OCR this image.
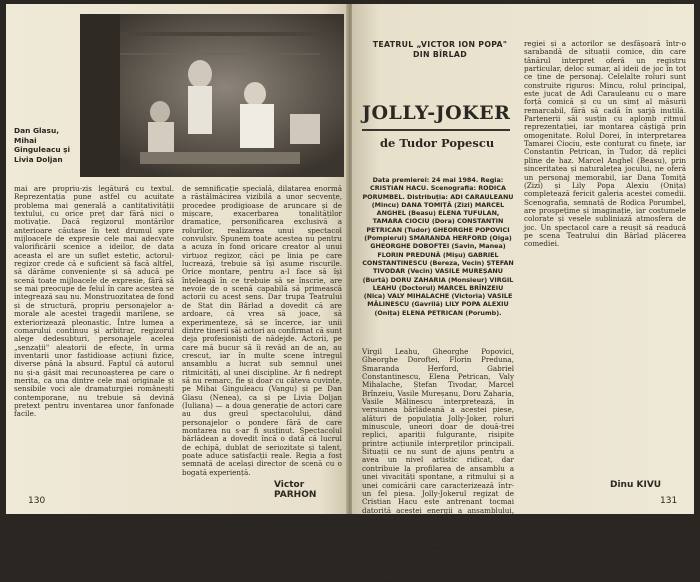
Dan Glasu, Mihai Ginguleacu și Livia Doljan
mai are propriu-zis legătură cu textul. Reprezentația pune astfel cu acuitate problema mai generală a cantitativității textului, cu orice preț dar fără nici o motivație. Dacă regizorul montărilor anterioare căutase în text drumul spre mijloacele de expresie cele mai adecvate valorificării scenice a ideilor, de data aceasta el are un suflet estetic, actorul-regizor crede că e suficient să facă altfel, să dărâme conveniențe și să aducă pe scenă toate mijloacele de expresie, fără să se mai preocupe de felul în care acestea se integrează sau nu. Monstruozitatea de fond și de structură, propriu personajelor a-morale ale acestei tragedii marilene, se exteriorizează pleonastic. Între lumea a comarului continuu și arbitrar, regizorul alege dedesubturi, personajele acelea „senzații" aleatorii de efecte, în urma inventarii unor fastidioase acțiuni fizice, diverse până la absurd. Faptul că autorul nu și-a găsit mai recunoașterea pe care o merita, ca una dintre cele mai originale și sensibile voci ale dramaturgiei românești contemporane, nu trebuie să devină pretext pentru inventarea unor fanfonade facile.
de semnificație specială, dilatarea enormă a răstălmăcirea vizibilă a unor secvențe, procedee prodigioase de aruncare și de mișcare, exacerbarea tonalităților dramatice, personificarea exclusivă a rolurilor, realizarea unui spectacol convulsiv. Spunem toate acestea nu pentru a acuza în fond oricare creator al unui virtuoz regizor, căci pe linia pe care lucrează, trebuie să își asume riscurile. Orice montare, pentru a-l face să își înțeleagă în ce trebuie să se înscrie, are nevoie de o scenă capabilă să primească actorii cu acest sens. Dar trupa Teatrului de Stat din Bârlad a dovedit că are ardoare, că vrea să joace, să experimenteze, să se încerce, iar unii dintre tinerii săi actori au confirmat că sunt deja profesioniști de nădejde. Actorii, pe care mă bucur să îi revăd an de an, au crescut, iar în multe scene întregul ansamblu a lucrat sub semnul unei ritmicități, al unei discipline. Ar fi nedrept să nu remarc, fie și doar cu câteva cuvinte, pe Mihai Ginguleacu (Vangu) și pe Dan Glasu (Nenea), ca și pe Livia Doljan (Iuliana) — a doua generație de actori care au dus greul spectacolului, dând personajelor o pondere fără de care montarea nu s-ar fi susținut. Spectacolul bârlădean a dovedit încă o dată că lucrul de echipă, dublat de seriozitate și talent, poate aduce satisfacții reale. Regia a fost semnată de același director de scenă cu o bogată experiență.
Victor PARHON
130
TEATRUL „VICTOR ION POPA" DIN BÎRLAD
JOLLY-JOKER
de Tudor Popescu
Data premierei: 24 mai 1984. Regia: CRISTIAN HACU. Scenografia: RODICA PORUMBEL. Distribuția: ADI CARAULEANU (Mincu) DANA TOMIȚĂ (Zizi) MARCEL ANGHEL (Beasu) ELENA TUFULAN, TAMARA CIOCIU (Dora) CONSTANTIN PETRICAN (Tudor) GHEORGHE POPOVICI (Pompierul) SMARANDA HERFORD (Olga) GHEORGHE DOBOFTEI (Savin, Manea) FLORIN PREDUNĂ (Mișu) GABRIEL CONSTANTINESCU (Bereza, Vecin) ȘTEFAN TIVODAR (Vecin) VASILE MUREȘANU (Burtă) DORU ZAHARIA (Monsieur) VIRGIL LEAHU (Doctorul) MARCEL BRÎNZEIU (Nica) VALY MIHALACHE (Victoria) VASILE MĂLINESCU (Gavrilă) LILY POPA ALEXIU (Onița) ELENA PETRICAN (Porumb).
Virgil Leahu, Gheorghe Popovici, Gheorghe Doroftei, Florin Preduna, Smaranda Herford, Gabriel Constantinescu, Elena Petrican, Valy Mihalache, Ștefan Tivodar, Marcel Brînzeiu, Vasile Mureșanu, Doru Zaharia, Vasile Mălinescu interpretează, în versiunea bârlădeană a acestei piese, alături de populația Jolly-Joker, roluri minuscule, uneori doar de două-trei replici, apariții fulgurante, risipite printre acțiunile interpreților principali. Situații ce nu sunt de ajuns pentru a avea un nivel artistic ridicat, dar contribuie la profilarea de ansamblu a unei vivacități spontane, a ritmului și a unei comicării care caracterizează într-un fel piesa. Jolly-Jokerul regizat de Cristian Hacu este antrenant tocmai datorită acestei energii a ansamblului, care pune în valoare o piesă cu un fir narativ simplu, dar care are destule momente de haz. Spectacolul câștigă sensibil în privința dinamicii scenice și a unor soluții ingenioase, ale căror rezultate se văd în plăcerea cu care publicul urmărește desfășurarea comediei.
regiei și a actorilor se desfășoară într-o sarabandă de situații comice, din care tânărul interpret oferă un registru particular, deloc sumar, al ideii de joc în tot ce ține de personaj. Celelalte roluri sunt construite riguros: Mincu, rolul principal, este jucat de Adi Carauleanu cu o mare forță comică și cu un simț al măsurii remarcabil, fără să cadă în șarjă inutilă. Partenerii săi susțin cu aplomb ritmul reprezentației, iar montarea câștigă prin omogenitate. Rolul Dorei, în interpretarea Tamarei Ciociu, este conturat cu finețe, iar Constantin Petrican, în Tudor, dă replici pline de haz. Marcel Anghel (Beasu), prin sinceritatea și naturalețea jocului, ne oferă un personaj memorabil, iar Dana Tomiță (Zizi) și Lily Popa Alexiu (Onița) completează fericit galeria acestei comedii. Scenografia, semnată de Rodica Porumbel, are prospețime și imaginație, iar costumele colorate și vesele subliniază atmosfera de joc. Un spectacol care a reușit să readucă pe scena Teatrului din Bârlad plăcerea comediei.
Dinu KIVU
131
